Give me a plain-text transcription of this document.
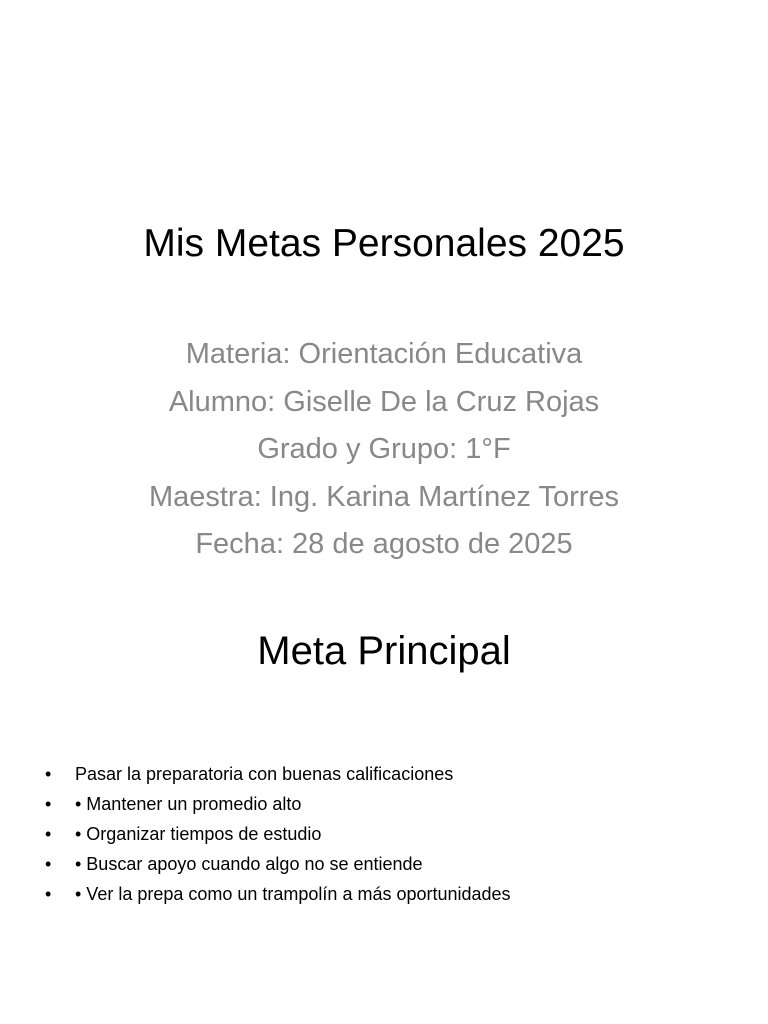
Mis Metas Personales 2025
Materia: Orientación Educativa
Alumno: Giselle De la Cruz Rojas
Grado y Grupo: 1°F
Maestra: Ing. Karina Martínez Torres
Fecha: 28 de agosto de 2025
Meta Principal
• Pasar la preparatoria con buenas calificaciones
• • Mantener un promedio alto
• • Organizar tiempos de estudio
• • Buscar apoyo cuando algo no se entiende
• • Ver la prepa como un trampolín a más oportunidades
